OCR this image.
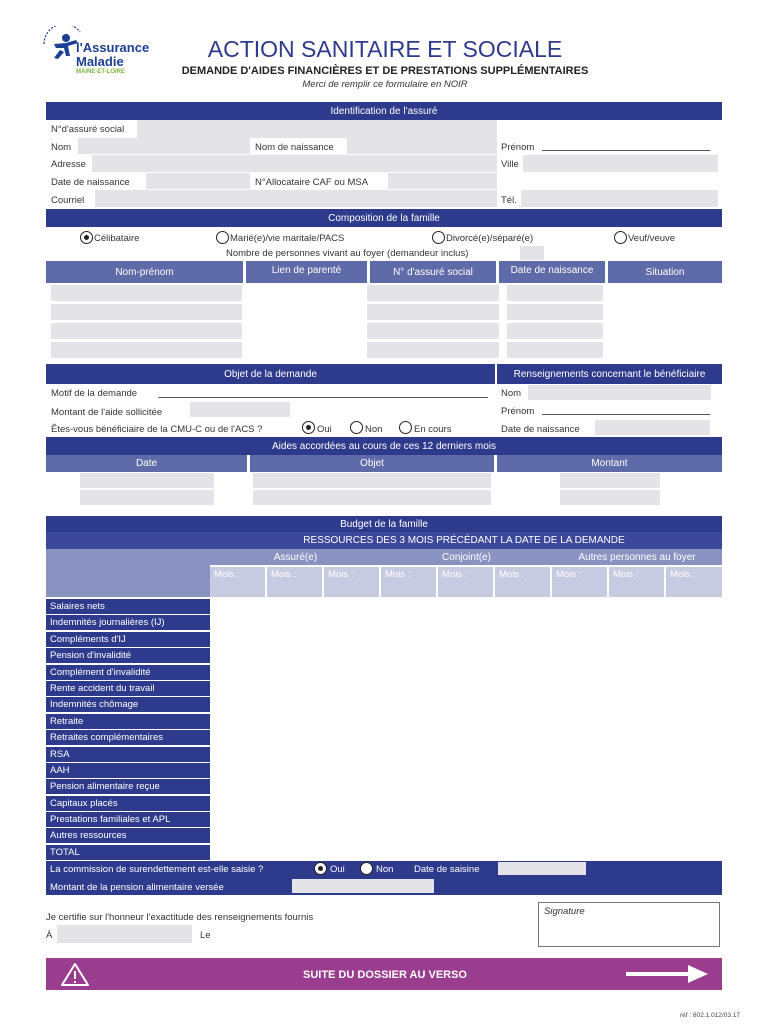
l'Assurance
Maladie
MAINE-ET-LOIRE
ACTION SANITAIRE ET SOCIALE
DEMANDE D'AIDES FINANCIÈRES ET DE PRESTATIONS SUPPLÉMENTAIRES
Merci de remplir ce formulaire en NOIR
Identification de l'assuré
N°d'assuré social
Nom	Nom de naissance	Prénom
Adresse	Ville
Date de naissance	N°Allocataire CAF ou MSA
Courriel	Tél.
Composition de la famille
Célibataire	Marié(e)/vie maritale/PACS	Divorcé(e)/séparé(e)	Veuf/veuve
Nombre de personnes vivant au foyer (demandeur inclus)
Nom-prénom	Lien de parenté	N° d'assuré social	Date de naissance	Situation
Objet de la demande	Renseignements concernant le bénéficiaire
Motif de la demande
Montant de l'aide sollicitée
Êtes-vous bénéficiaire de la CMU-C ou de l'ACS ?	Oui	Non	En cours
Nom
Prénom
Date de naissance
Aides accordées au cours de ces 12 derniers mois
Date	Objet	Montant
Budget de la famille
RESSOURCES DES 3 MOIS PRÉCÉDANT LA DATE DE LA DEMANDE
Assuré(e)	Conjoint(e)	Autres personnes au foyer
Mois :	Mois :	Mois :	Mois :	Mois :	Mois :	Mois :	Mois :	Mois :
Salaires nets
Indemnités journalières (IJ)
Compléments d'IJ
Pension d'invalidité
Complément d'invalidité
Rente accident du travail
Indemnités chômage
Retraite
Retraites complémentaires
RSA
AAH
Pension alimentaire reçue
Capitaux placés
Prestations familiales et APL
Autres ressources
TOTAL
La commission de surendettement est-elle saisie ?	Oui	Non Date de saisine
Montant de la pension alimentaire versée
Je certifie sur l'honneur l'exactitude des renseignements fournis
À	Le
Signature
SUITE DU DOSSIER AU VERSO
réf : 802.1.012/03.17
